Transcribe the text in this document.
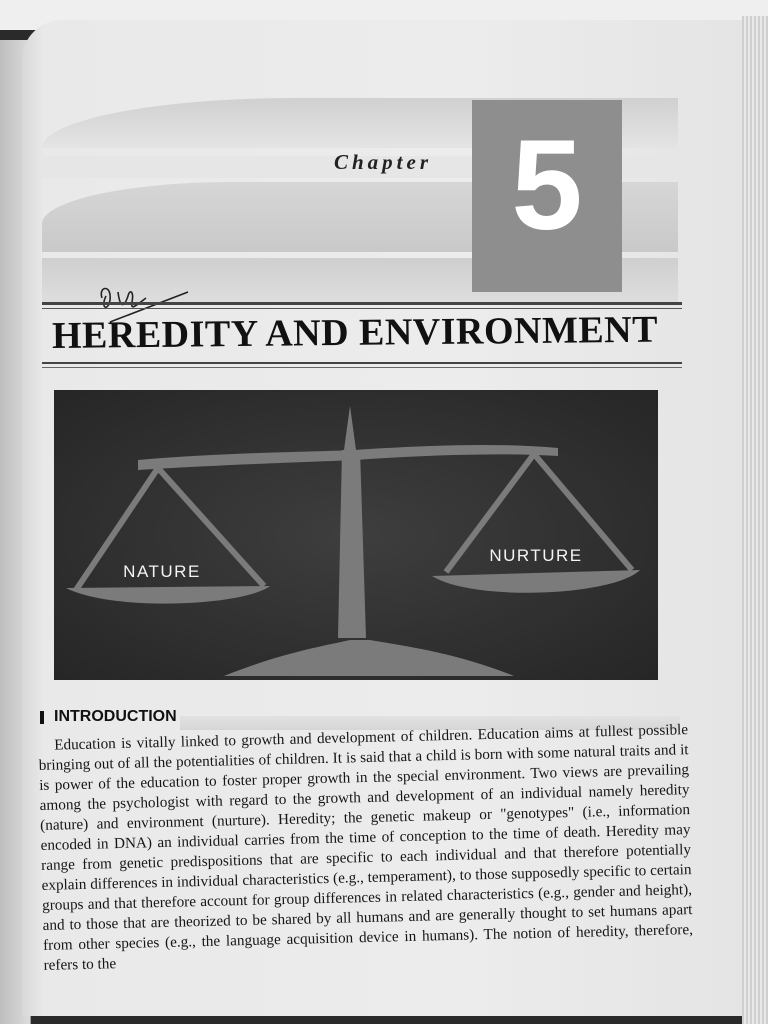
Chapter 5
HEREDITY AND ENVIRONMENT
NATURE
NURTURE
INTRODUCTION
Education is vitally linked to growth and development of children. Education aims at fullest possible bringing out of all the potentialities of children. It is said that a child is born with some natural traits and it is power of the education to foster proper growth in the special environment. Two views are prevailing among the psychologist with regard to the growth and development of an individual namely heredity (nature) and environment (nurture). Heredity; the genetic makeup or "genotypes" (i.e., information encoded in DNA) an individual carries from the time of conception to the time of death. Heredity may range from genetic predispositions that are specific to each individual and that therefore potentially explain differences in individual characteristics (e.g., temperament), to those supposedly specific to certain groups and that therefore account for group differences in related characteristics (e.g., gender and height), and to those that are theorized to be shared by all humans and are generally thought to set humans apart from other species (e.g., the language acquisition device in humans). The notion of heredity, therefore, refers to the
